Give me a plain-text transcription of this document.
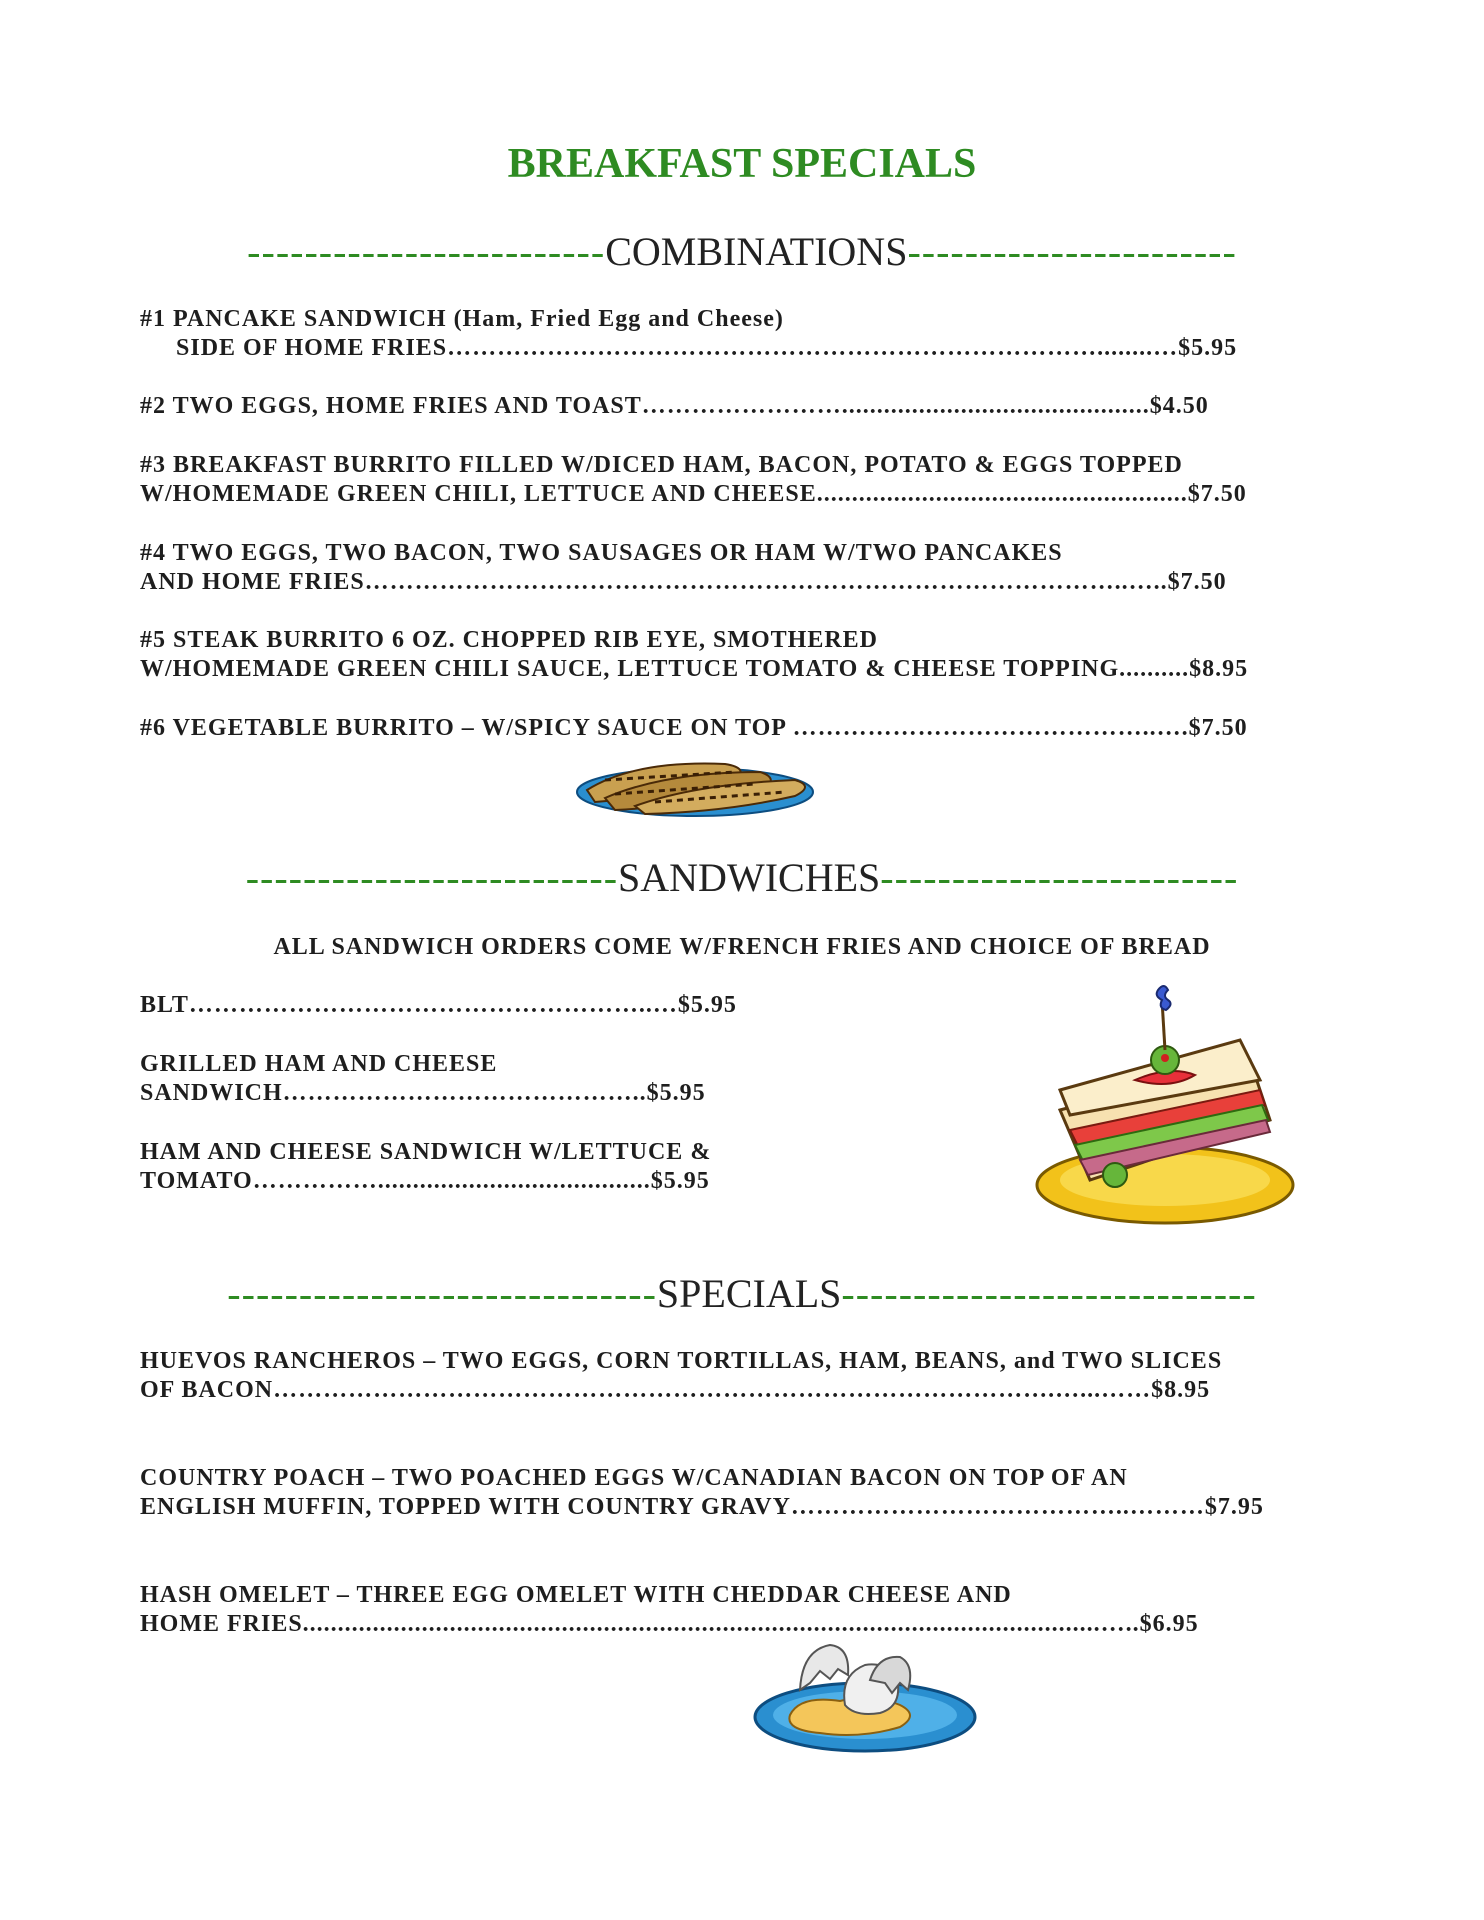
BREAKFAST SPECIALS
-------------------------COMBINATIONS-----------------------
#1 PANCAKE SANDWICH (Ham, Fried Egg and Cheese)
SIDE OF HOME FRIES……………………………………………………………………........…$5.95
#2 TWO EGGS, HOME FRIES AND TOAST……………………............................................$4.50
#3 BREAKFAST BURRITO FILLED W/DICED HAM, BACON, POTATO & EGGS TOPPED
W/HOMEMADE GREEN CHILI, LETTUCE AND CHEESE.....................................................$7.50
#4 TWO EGGS, TWO BACON, TWO SAUSAGES OR HAM W/TWO PANCAKES
AND HOME FRIES………………………………………………………………………………..…..$7.50
#5 STEAK BURRITO 6 OZ. CHOPPED RIB EYE, SMOTHERED
W/HOMEMADE GREEN CHILI SAUCE, LETTUCE TOMATO & CHEESE TOPPING..........$8.95
#6 VEGETABLE BURRITO – W/SPICY SAUCE ON TOP ……………………………………..….$7.50
--------------------------SANDWICHES-------------------------
ALL SANDWICH ORDERS COME W/FRENCH FRIES AND CHOICE OF BREAD
BLT………………………………………………..…$5.95
GRILLED HAM AND CHEESE
SANDWICH……………………………………..$5.95
HAM AND CHEESE SANDWICH W/LETTUCE &
TOMATO…………….......................................$5.95
------------------------------SPECIALS-----------------------------
HUEVOS RANCHEROS – TWO EGGS, CORN TORTILLAS, HAM, BEANS, and TWO SLICES
OF BACON………………………………………………………………………………….…...……$8.95
COUNTRY POACH – TWO POACHED EGGS W/CANADIAN BACON ON TOP OF AN
ENGLISH MUFFIN, TOPPED WITH COUNTRY GRAVY…………………………………..………$7.95
HASH OMELET – THREE EGG OMELET WITH CHEDDAR CHEESE AND
HOME FRIES..................................................................................................................…..$6.95
